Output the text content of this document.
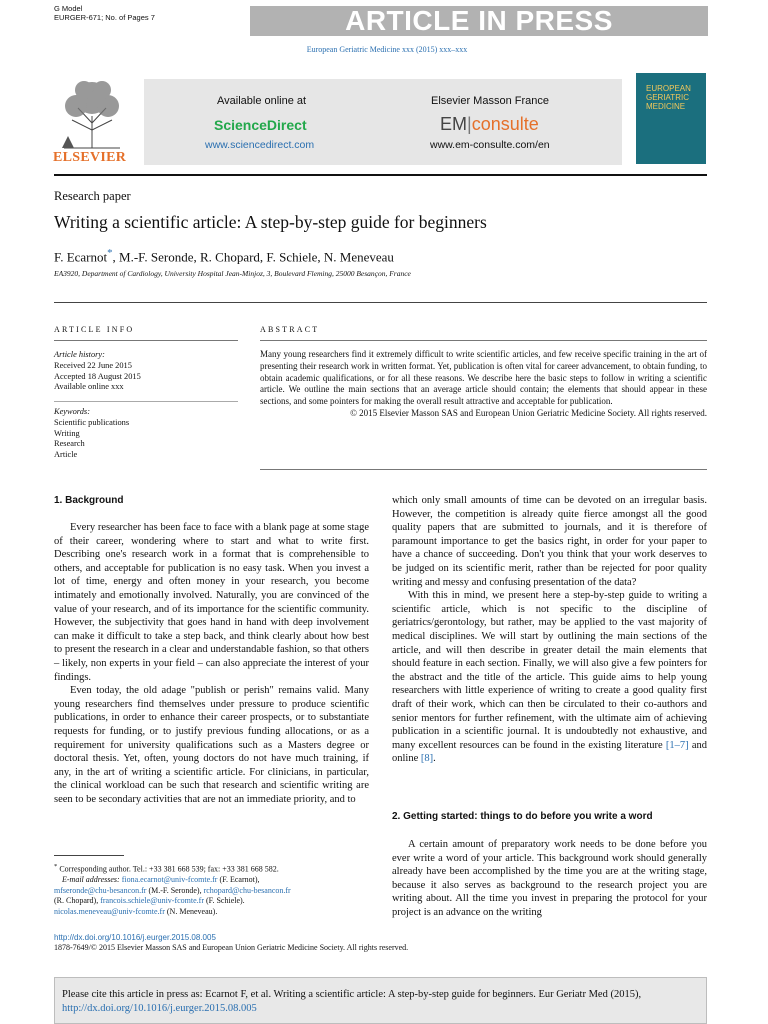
G Model
EURGER-671; No. of Pages 7	ARTICLE IN PRESS
European Geriatric Medicine xxx (2015) xxx–xxx
ELSEVIER
Available online at
ScienceDirect
www.sciencedirect.com
Elsevier Masson France
EM|consulte
www.em-consulte.com/en
EUROPEAN GERIATRIC MEDICINE
Research paper
Writing a scientific article: A step-by-step guide for beginners
F. Ecarnot*, M.-F. Seronde, R. Chopard, F. Schiele, N. Meneveau
EA3920, Department of Cardiology, University Hospital Jean-Minjoz, 3, Boulevard Fleming, 25000 Besançon, France
ARTICLE INFO	ABSTRACT
Article history:
Received 22 June 2015
Accepted 18 August 2015
Available online xxx
Keywords:
Scientific publications
Writing
Research
Article
Many young researchers find it extremely difficult to write scientific articles, and few receive specific training in the art of presenting their research work in written format. Yet, publication is often vital for career advancement, to obtain funding, to obtain academic qualifications, or for all these reasons. We describe here the basic steps to follow in writing a scientific article. We outline the main sections that an average article should contain; the elements that should appear in these sections, and some pointers for making the overall result attractive and acceptable for publication.
© 2015 Elsevier Masson SAS and European Union Geriatric Medicine Society. All rights reserved.
1. Background

Every researcher has been face to face with a blank page at some stage of their career, wondering where to start and what to write first. Describing one's research work in a format that is comprehensible to others, and acceptable for publication is no easy task. When you invest a lot of time, energy and often money in your research, you become intimately and emotionally involved. Naturally, you are convinced of the value of your research, and of its importance for the scientific community. However, the subjectivity that goes hand in hand with deep involvement can make it difficult to take a step back, and think clearly about how best to present the research in a clear and understandable fashion, so that others – likely, non experts in your field – can also appreciate the interest of your findings.

Even today, the old adage "publish or perish" remains valid. Many young researchers find themselves under pressure to produce scientific publications, in order to enhance their career prospects, or to substantiate requests for funding, or to justify previous funding allocations, or as a requirement for university qualifications such as a Masters degree or doctoral thesis. Yet, often, young doctors do not have much training, if any, in the art of writing a scientific article. For clinicians, in particular, the clinical workload can be such that research and scientific writing are seen to be secondary activities that are not an immediate priority, and to

which only small amounts of time can be devoted on an irregular basis. However, the competition is already quite fierce amongst all the good quality papers that are submitted to journals, and it is therefore of paramount importance to get the basics right, in order for your paper to have a chance of succeeding. Don't you think that your work deserves to be judged on its scientific merit, rather than be rejected for poor quality writing and messy and confusing presentation of the data?

With this in mind, we present here a step-by-step guide to writing a scientific article, which is not specific to the discipline of geriatrics/gerontology, but rather, may be applied to the vast majority of medical disciplines. We will start by outlining the main sections of the article, and will then describe in greater detail the main elements that should feature in each section. Finally, we will also give a few pointers for the abstract and the title of the article. This guide aims to help young researchers with little experience of writing to create a good quality first draft of their work, which can then be circulated to their co-authors and senior mentors for further refinement, with the ultimate aim of achieving publication in a scientific journal. It is undoubtedly not exhaustive, and many excellent resources can be found in the existing literature [1–7] and online [8].

2. Getting started: things to do before you write a word

A certain amount of preparatory work needs to be done before you ever write a word of your article. This background work should generally already have been accomplished by the time you are at the writing stage, because it also serves as background to the research project you are writing about. All the time you invest in preparing the protocol for your project is an advance on the writing

* Corresponding author. Tel.: +33 381 668 539; fax: +33 381 668 582.

E-mail addresses: fiona.ecarnot@univ-fcomte.fr (F. Ecarnot),

mfseronde@chu-besancon.fr (M.-F. Seronde), rchopard@chu-besancon.fr

(R. Chopard), francois.schiele@univ-fcomte.fr (F. Schiele).

nicolas.meneveau@univ-fcomte.fr (N. Meneveau).

http://dx.doi.org/10.1016/j.eurger.2015.08.005
1878-7649/© 2015 Elsevier Masson SAS and European Union Geriatric Medicine Society. All rights reserved.
Please cite this article in press as: Ecarnot F, et al. Writing a scientific article: A step-by-step guide for beginners. Eur Geriatr Med (2015),
http://dx.doi.org/10.1016/j.eurger.2015.08.005
